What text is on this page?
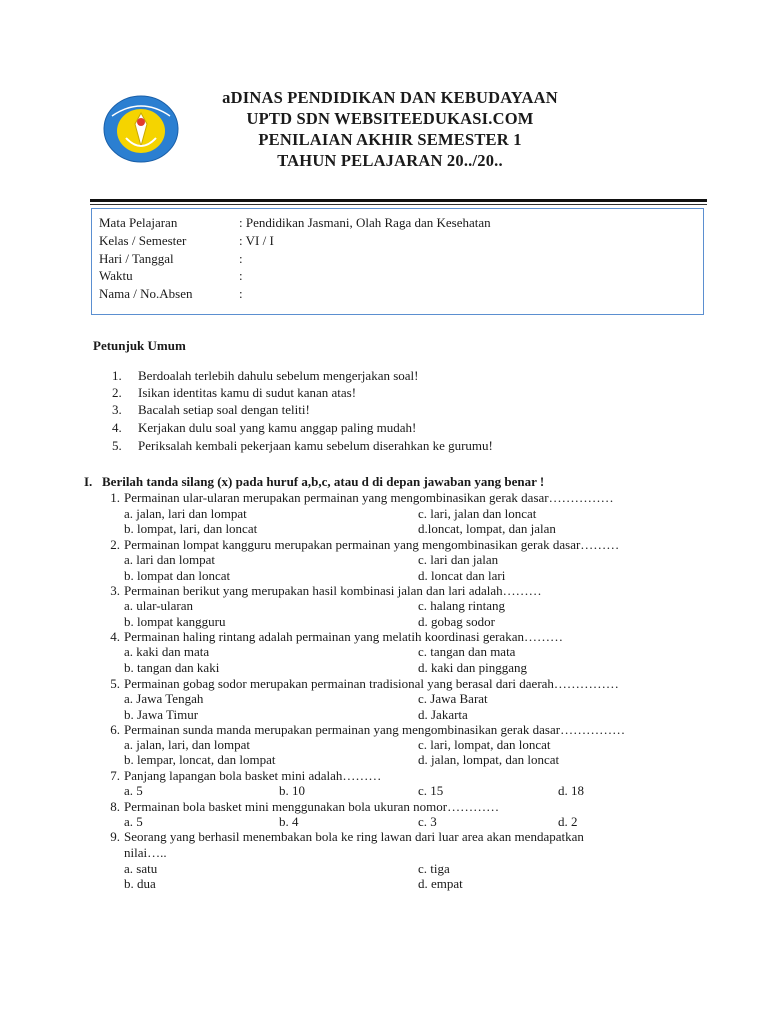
aDINAS PENDIDIKAN DAN KEBUDAYAAN
UPTD SDN WEBSITEEDUKASI.COM
PENILAIAN AKHIR SEMESTER 1
TAHUN PELAJARAN 20../20..
Mata Pelajaran	: Pendidikan Jasmani, Olah Raga dan Kesehatan
Kelas / Semester	: VI / I
Hari / Tanggal	:
Waktu	:
Nama / No.Absen	:
Petunjuk Umum
1.	Berdoalah terlebih dahulu sebelum mengerjakan soal!
2.	Isikan identitas kamu di sudut kanan atas!
3.	Bacalah setiap soal dengan teliti!
4.	Kerjakan dulu soal yang kamu anggap paling mudah!
5.	Periksalah kembali pekerjaan kamu sebelum diserahkan ke gurumu!
I. Berilah tanda silang (x) pada huruf a,b,c, atau d di depan jawaban yang benar !
1. Permainan ular-ularan merupakan permainan yang mengombinasikan gerak dasar……………
a. jalan, lari dan lompat	c. lari, jalan dan loncat
b. lompat, lari, dan loncat	d.loncat, lompat, dan jalan
2. Permainan lompat kangguru merupakan permainan yang mengombinasikan gerak dasar………
a. lari dan lompat	c. lari dan jalan
b. lompat dan loncat	d. loncat dan lari
3. Permainan berikut yang merupakan hasil kombinasi jalan dan lari adalah………
a. ular-ularan	c. halang rintang
b. lompat kangguru	d. gobag sodor
4. Permainan haling rintang adalah permainan yang melatih koordinasi gerakan………
a. kaki dan mata	c. tangan dan mata
b. tangan dan kaki	d. kaki dan pinggang
5. Permainan gobag sodor merupakan permainan tradisional yang berasal dari daerah……………
a. Jawa Tengah	c. Jawa Barat
b. Jawa Timur	d. Jakarta
6. Permainan sunda manda merupakan permainan yang mengombinasikan gerak dasar……………
a. jalan, lari, dan lompat	c. lari, lompat, dan loncat
b. lempar, loncat, dan lompat	d. jalan, lompat, dan loncat
7. Panjang lapangan bola basket mini adalah………
a. 5	b. 10	c. 15	d. 18
8. Permainan bola basket mini menggunakan bola ukuran nomor…………
a. 5	b. 4	c. 3	d. 2
9. Seorang yang berhasil menembakan bola ke ring lawan dari luar area akan mendapatkan
nilai…..
a. satu	c. tiga
b. dua	d. empat
